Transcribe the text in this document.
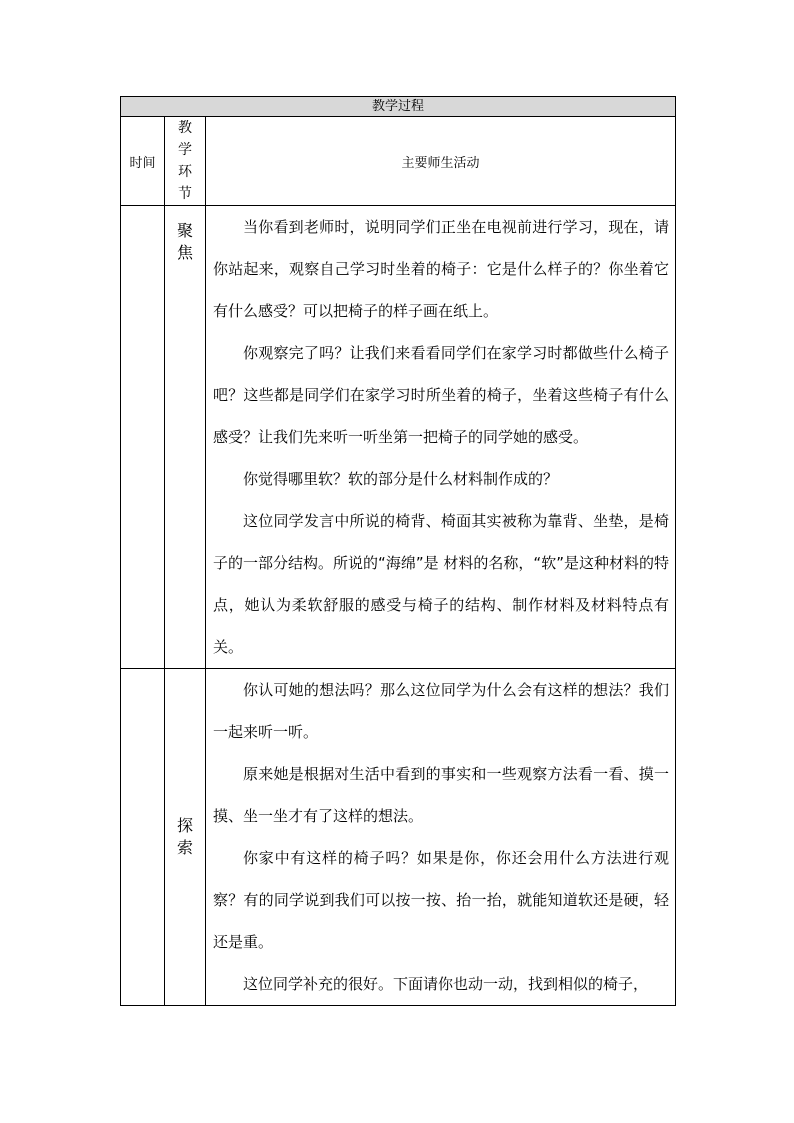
教学过程		
时间	教学环节	主要师生活动

	聚焦	当你看到老师时，说明同学们正坐在电视前进行学习，现在，请你站起来，观察自己学习时坐着的椅子：它是什么样子的？你坐着它有什么感受？可以把椅子的样子画在纸上。

你观察完了吗？让我们来看看同学们在家学习时都做些什么椅子吧？这些都是同学们在家学习时所坐着的椅子，坐着这些椅子有什么感受？让我们先来听一听坐第一把椅子的同学她的感受。

你觉得哪里软？软的部分是什么材料制作成的？

这位同学发言中所说的椅背、椅面其实被称为靠背、坐垫，是椅子的一部分结构。所说的“海绵”是 材料的名称，“软”是这种材料的特点，她认为柔软舒服的感受与椅子的结构、制作材料及材料特点有关。

	探索	你认可她的想法吗？那么这位同学为什么会有这样的想法？我们一起来听一听。

原来她是根据对生活中看到的事实和一些观察方法看一看、摸一摸、坐一坐才有了这样的想法。

你家中有这样的椅子吗？如果是你，你还会用什么方法进行观察？有的同学说到我们可以按一按、抬一抬，就能知道软还是硬，轻还是重。

这位同学补充的很好。下面请你也动一动，找到相似的椅子，
